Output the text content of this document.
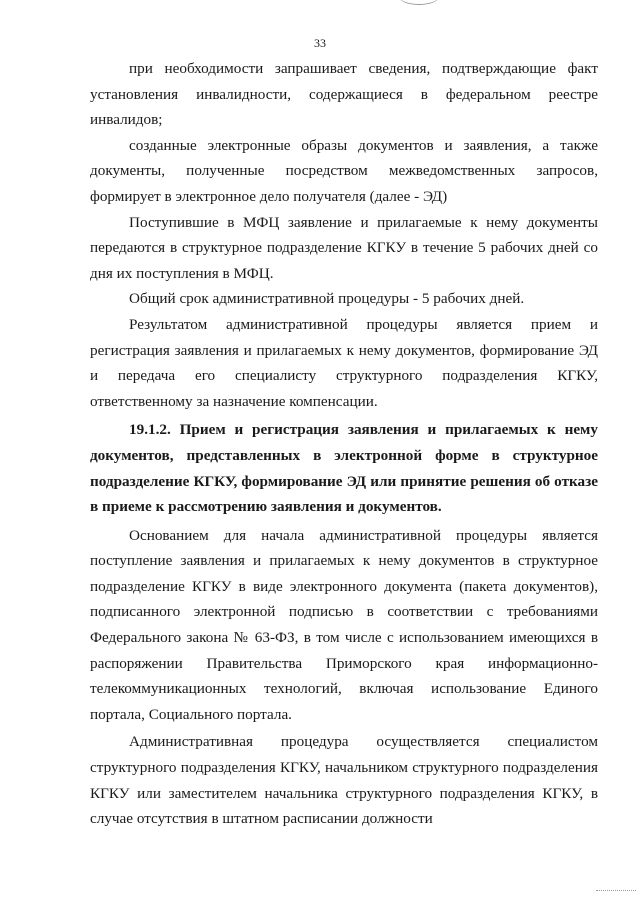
33

при необходимости запрашивает сведения, подтверждающие факт установления инвалидности, содержащиеся в федеральном реестре инвалидов;

созданные электронные образы документов и заявления, а также документы, полученные посредством межведомственных запросов, формирует в электронное дело получателя (далее - ЭД)

Поступившие в МФЦ заявление и прилагаемые к нему документы передаются в структурное подразделение КГКУ в течение 5 рабочих дней со дня их поступления в МФЦ.

Общий срок административной процедуры - 5 рабочих дней.

Результатом административной процедуры является прием и регистрация заявления и прилагаемых к нему документов, формирование ЭД и передача его специалисту структурного подразделения КГКУ, ответственному за назначение компенсации.

19.1.2. Прием и регистрация заявления и прилагаемых к нему документов, представленных в электронной форме в структурное подразделение КГКУ, формирование ЭД или принятие решения об отказе в приеме к рассмотрению заявления и документов.

Основанием для начала административной процедуры является поступление заявления и прилагаемых к нему документов в структурное подразделение КГКУ в виде электронного документа (пакета документов), подписанного электронной подписью в соответствии с требованиями Федерального закона № 63-ФЗ, в том числе с использованием имеющихся в распоряжении Правительства Приморского края информационно-телекоммуникационных технологий, включая использование Единого портала, Социального портала.

Административная процедура осуществляется специалистом структурного подразделения КГКУ, начальником структурного подразделения КГКУ или заместителем начальника структурного подразделения КГКУ, в случае отсутствия в штатном расписании должности
